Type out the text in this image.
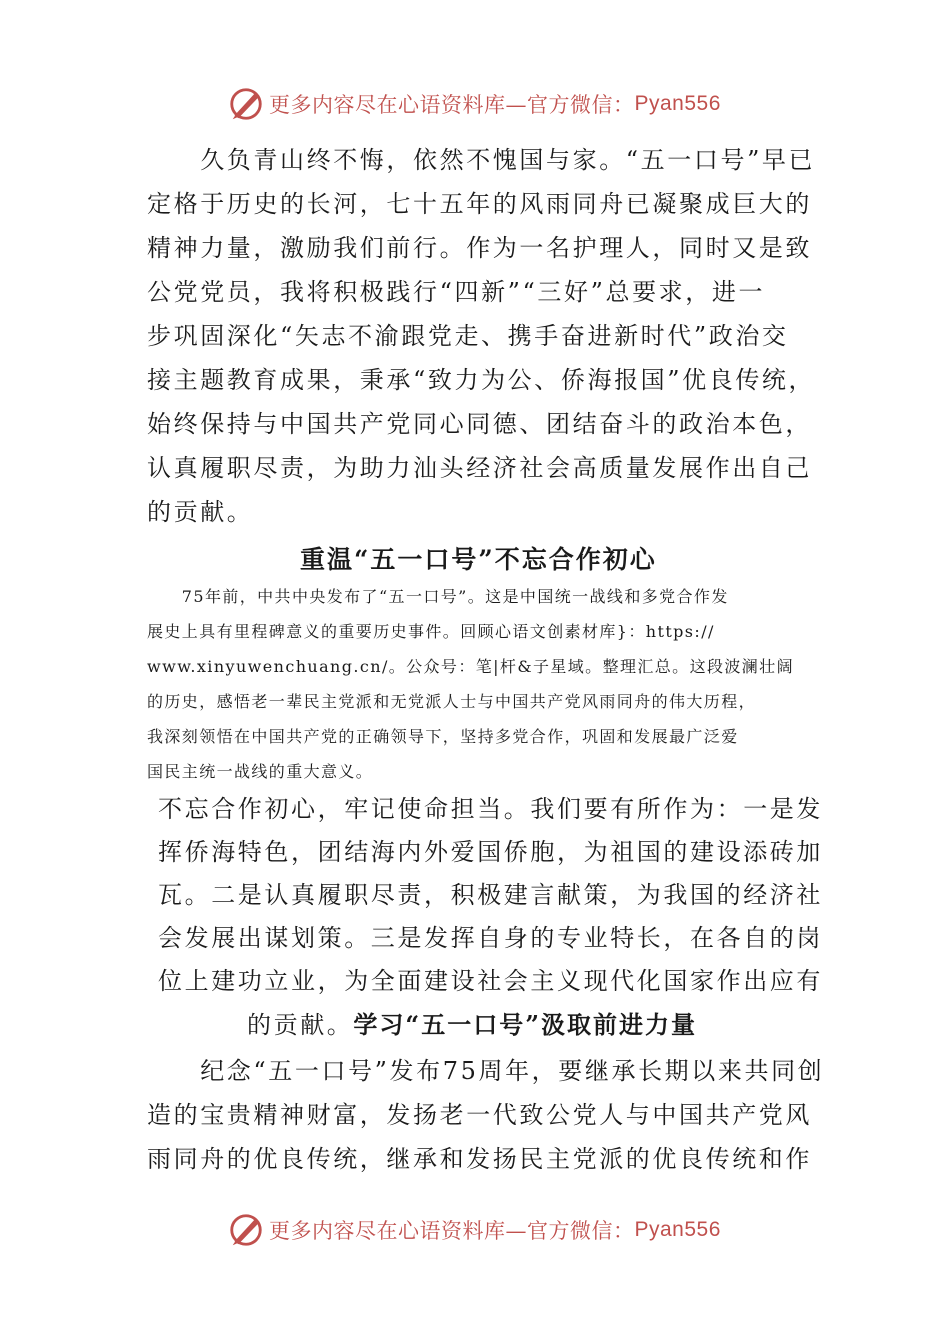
更多内容尽在心语资料库—官方微信： Pyan556
　　久负青山终不悔，依然不愧国与家。“五一口号”早已
定格于历史的长河，七十五年的风雨同舟已凝聚成巨大的
精神力量，激励我们前行。作为一名护理人，同时又是致
公党党员，我将积极践行“四新”“三好”总要求，进一
步巩固深化“矢志不渝跟党走、携手奋进新时代”政治交
接主题教育成果，秉承“致力为公、侨海报国”优良传统，
始终保持与中国共产党同心同德、团结奋斗的政治本色，
认真履职尽责，为助力汕头经济社会高质量发展作出自己
的贡献。
重温“五一口号”不忘合作初心
　　75年前，中共中央发布了“五一口号”。这是中国统一战线和多党合作发
展史上具有里程碑意义的重要历史事件。回顾心语文创素材库}：https://
www.xinyuwenchuang.cn/。公众号：笔|杆&子星域。整理汇总。这段波澜壮阔
的历史，感悟老一辈民主党派和无党派人士与中国共产党风雨同舟的伟大历程，
我深刻领悟在中国共产党的正确领导下，坚持多党合作，巩固和发展最广泛爱
国民主统一战线的重大意义。
不忘合作初心，牢记使命担当。我们要有所作为：一是发
挥侨海特色，团结海内外爱国侨胞，为祖国的建设添砖加
瓦。二是认真履职尽责，积极建言献策，为我国的经济社
会发展出谋划策。三是发挥自身的专业特长，在各自的岗
位上建功立业，为全面建设社会主义现代化国家作出应有
的贡献。学习“五一口号”汲取前进力量
　　纪念“五一口号”发布75周年，要继承长期以来共同创
造的宝贵精神财富，发扬老一代致公党人与中国共产党风
雨同舟的优良传统，继承和发扬民主党派的优良传统和作
更多内容尽在心语资料库—官方微信： Pyan556
